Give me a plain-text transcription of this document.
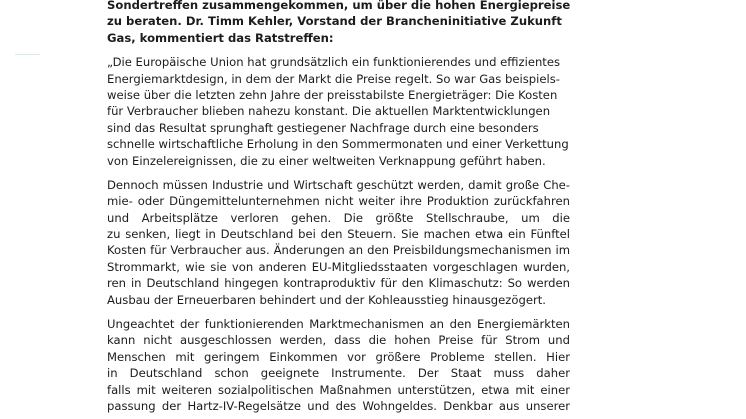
Sondertreffen zusammengekommen, um über die hohen Energiepreise
zu beraten. Dr. Timm Kehler, Vorstand der Brancheninitiative Zukunft
Gas, kommentiert das Ratstreffen:
„Die Europäische Union hat grundsätzlich ein funktionierendes und effizientes
Energiemarktdesign, in dem der Markt die Preise regelt. So war Gas beispiels-
weise über die letzten zehn Jahre der preisstabilste Energieträger: Die Kosten
für Verbraucher blieben nahezu konstant. Die aktuellen Marktentwicklungen
sind das Resultat sprunghaft gestiegener Nachfrage durch eine besonders
schnelle wirtschaftliche Erholung in den Sommermonaten und einer Verkettung
von Einzelereignissen, die zu einer weltweiten Verknappung geführt haben.
Dennoch müssen Industrie und Wirtschaft geschützt werden, damit große Che-
mie- oder Düngemittelunternehmen nicht weiter ihre Produktion zurückfahren
und Arbeitsplätze verloren gehen. Die größte Stellschraube, um die
zu senken, liegt in Deutschland bei den Steuern. Sie machen etwa ein Fünftel
Kosten für Verbraucher aus. Änderungen an den Preisbildungsmechanismen im
Strommarkt, wie sie von anderen EU-Mitgliedsstaaten vorgeschlagen wurden,
ren in Deutschland hingegen kontraproduktiv für den Klimaschutz: So werden
Ausbau der Erneuerbaren behindert und der Kohleausstieg hinausgezögert.
Ungeachtet der funktionierenden Marktmechanismen an den Energiemärkten
kann nicht ausgeschlossen werden, dass die hohen Preise für Strom und
Menschen mit geringem Einkommen vor größere Probleme stellen. Hier
in Deutschland schon geeignete Instrumente. Der Staat muss daher
falls mit weiteren sozialpolitischen Maßnahmen unterstützen, etwa mit einer
passung der Hartz-IV-Regelsätze und des Wohngeldes. Denkbar aus unserer
